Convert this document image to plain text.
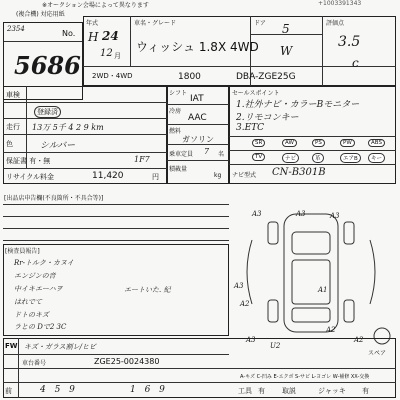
※オークション会場によって異なります
(複合機) 対応用紙
+1003391343
2354	No.
5686
年式
H 24
12 月
車名・グレード
ウィッシュ 1.8X 4WD
ドア 5
W
評価点
3.5
c
2WD・4WD	1800	DBA-ZGE25G
車検
登録済
走行 13万 5千 4 2 9 km
色	シルバー
保証書 有・無	1F7
リサイクル料金	11,420	円
[出品店申告欄(不良箇所・不具合等)]
シフト
IAT
冷房
AAC
燃料
ガソリン
乗車定員 7 名
積載量
kg
セールスポイント
1.社外ナビ・カラーBモニター
2.リモコンキー
3.ETC
SR	AW	PS	PW	ABS
TV	ナビ	革	エアB	キー
ナビ型式 CN-B301B
[検査員報告]
Rr-トルク・カヌイ
エンジンの音
中イキエーハヲ
はれでて
ドトのキズ
ラとの Dで2 3C
エートいた. 紀
A3	A3	A3
A3
A2
A1
A3
U2
A2
A2
スペア
FW キズ・ガラス割レ/ヒビ
車台番号	ZGE25-0024380
A-キズ C-凹み E-エクボ S-サビ L-ヨゴレ W-補修 XX-交換
前	4 5 9	1 6 9	工具 有 取説	ジャッキ 有
